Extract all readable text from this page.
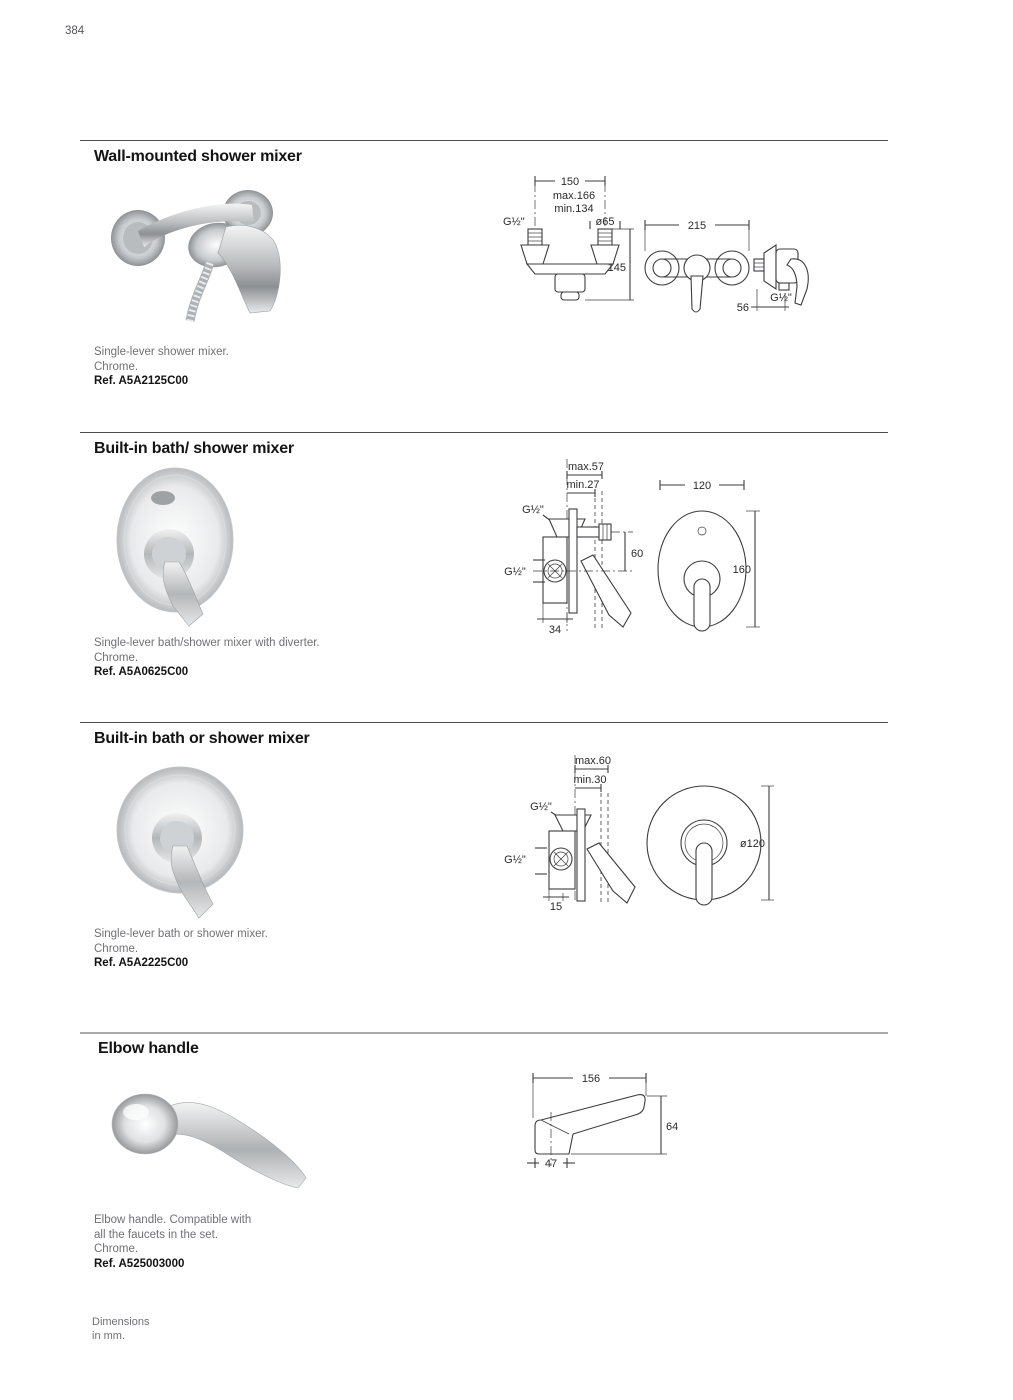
384
Wall-mounted shower mixer
150
max.166
min.134
G½"	ø65
145
215
G½"
56
Single-lever shower mixer.
Chrome.
Ref. A5A2125C00
Built-in bath/ shower mixer
max.57
min.27
G½"
60
G½"
34
120
160
Single-lever bath/shower mixer with diverter.
Chrome.
Ref. A5A0625C00
Built-in bath or shower mixer
max.60
min.30
G½"
G½"
15
ø120
Single-lever bath or shower mixer.
Chrome.
Ref. A5A2225C00
Elbow handle
156
64
47
Elbow handle. Compatible with
all the faucets in the set.
Chrome.
Ref. A525003000
Dimensions
in mm.
